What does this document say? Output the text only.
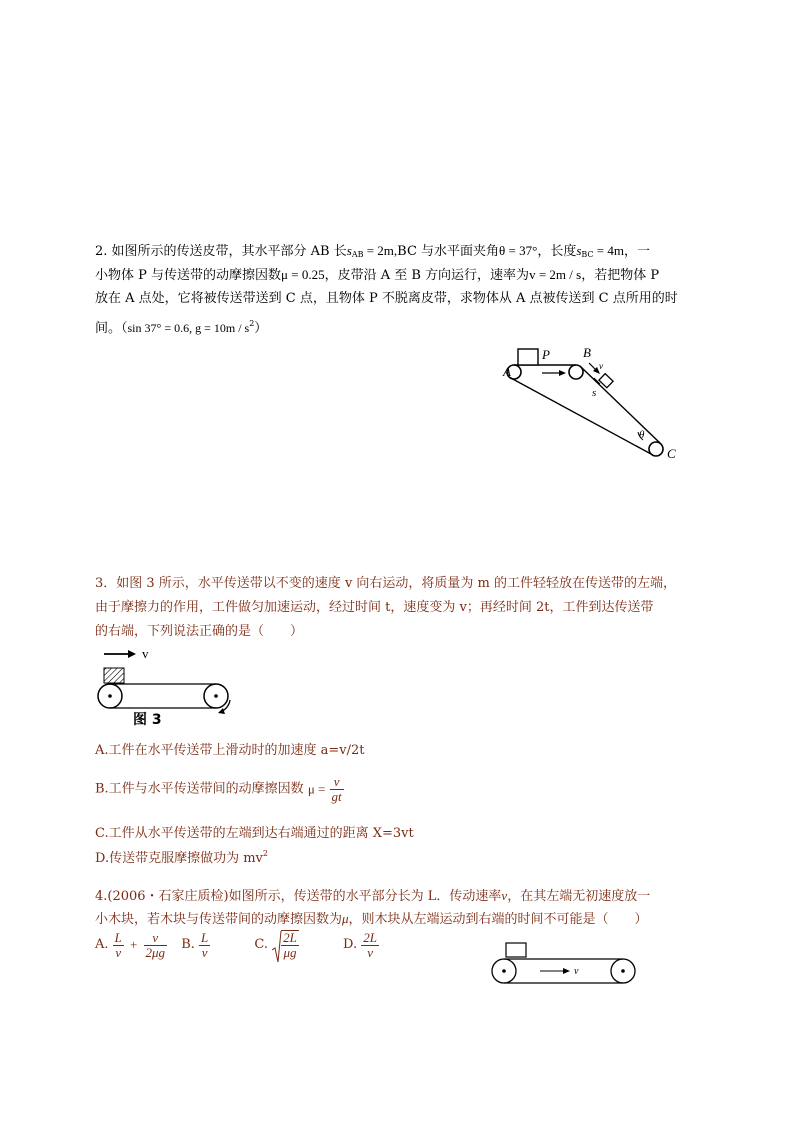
2. 如图所示的传送皮带，其水平部分 AB 长$s_{AB} = 2m,BC$ 与水平面夹角θ = 37°，长度$s_{BC} = 4m$，一
小物体 P 与传送带的动摩擦因数μ = 0.25，皮带沿 A 至 B 方向运行，速率为v = 2m / s，若把物体 P
放在 A 点处，它将被传送带送到 C 点，且物体 P 不脱离皮带，求物体从 A 点被传送到 C 点所用的时
间。（sin 37° = 0.6, $g = 10m / s^2$）
A
P	B
v
s
θ
C
3．如图 3 所示，水平传送带以不变的速度 v 向右运动，将质量为 m 的工件轻轻放在传送带的左端，
由于摩擦力的作用，工件做匀加速运动，经过时间 t，速度变为 v；再经时间 2t，工件到达传送带
的右端，下列说法正确的是（　　）
v
图 3
A.工件在水平传送带上滑动时的加速度 a=v/2t
B.工件与水平传送带间的动摩擦因数 $\mu = \frac{v}{gt}$
C.工件从水平传送带的左端到达右端通过的距离 X=3vt
D.传送带克服摩擦做功为 $mv^2$
4.(2006・石家庄质检)如图所示，传送带的水平部分长为 L．传动速率v，在其左端无初速度放一
小木块，若木块与传送带间的动摩擦因数为μ，则木块从左端运动到右端的时间不可能是（　　）
A. $\frac{L}{v} + \frac{v}{2\mu g} B$. $\frac{L}{v}$	C. $\frac{2L}{\mu g}$	D. $\frac{2L}{v}$
v
